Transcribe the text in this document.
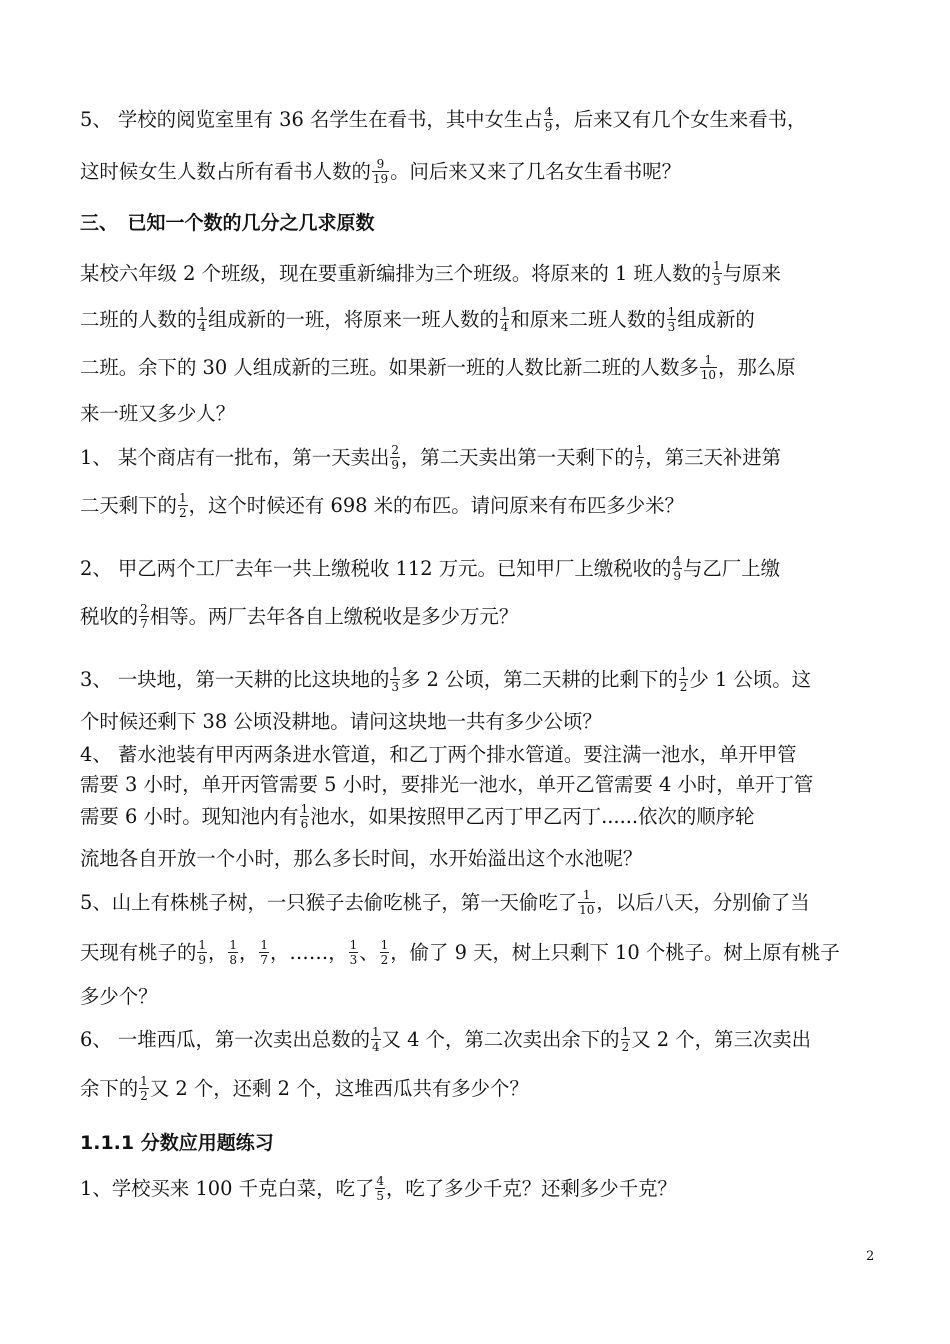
5、 学校的阅览室里有 36 名学生在看书，其中女生占 $\frac{4}{9}$ ，后来又有几个女生来看书，
这时候女生人数占所有看书人数的 $\frac{9}{19}$ 。问后来又来了几名女生看书呢？
三、　已知一个数的几分之几求原数
某校六年级 2 个班级，现在要重新编排为三个班级。将原来的 1 班人数的 $\frac{1}{3}$ 与原来
二班的人数的 $\frac{1}{4}$ 组成新的一班，将原来一班人数的 $\frac{1}{4}$ 和原来二班人数的 $\frac{1}{3}$ 组成新的
二班。余下的 30 人组成新的三班。如果新一班的人数比新二班的人数多 $\frac{1}{10}$ ，那么原
来一班又多少人？
1、 某个商店有一批布，第一天卖出 $\frac{2}{9}$ ，第二天卖出第一天剩下的 $\frac{1}{7}$ ，第三天补进第
二天剩下的 $\frac{1}{2}$ ，这个时候还有 698 米的布匹。请问原来有布匹多少米？
2、 甲乙两个工厂去年一共上缴税收 112 万元。已知甲厂上缴税收的 $\frac{4}{9}$ 与乙厂上缴
税收的 $\frac{2}{7}$ 相等。两厂去年各自上缴税收是多少万元？
3、 一块地，第一天耕的比这块地的 $\frac{1}{3}$ 多 2 公顷，第二天耕的比剩下的 $\frac{1}{2}$ 少 1 公顷。这
个时候还剩下 38 公顷没耕地。请问这块地一共有多少公顷？
4、 蓄水池装有甲丙两条进水管道，和乙丁两个排水管道。要注满一池水，单开甲管
需要 3 小时，单开丙管需要 5 小时，要排光一池水，单开乙管需要 4 小时，单开丁管
需要 6 小时。现知池内有 $\frac{1}{6}$ 池水，如果按照甲乙丙丁甲乙丙丁......依次的顺序轮
流地各自开放一个小时，那么多长时间，水开始溢出这个水池呢？
5、山上有株桃子树，一只猴子去偷吃桃子，第一天偷吃了 $\frac{1}{10}$ ，以后八天，分别偷了当
天现有桃子的 $\frac{1}{9}$ ， $\frac{1}{8}$ ， $\frac{1}{7}$ ，……， $\frac{1}{3}$ 、 $\frac{1}{2}$ ，偷了 9 天，树上只剩下 10 个桃子。树上原有桃子
多少个？
6、 一堆西瓜，第一次卖出总数的 $\frac{1}{4}$ 又 4 个，第二次卖出余下的 $\frac{1}{2}$ 又 2 个，第三次卖出
余下的 $\frac{1}{2}$ 又 2 个，还剩 2 个，这堆西瓜共有多少个？
1.1.1 分数应用题练习
1、学校买来 100 千克白菜，吃了 $\frac{4}{5}$ ，吃了多少千克？还剩多少千克？
2
